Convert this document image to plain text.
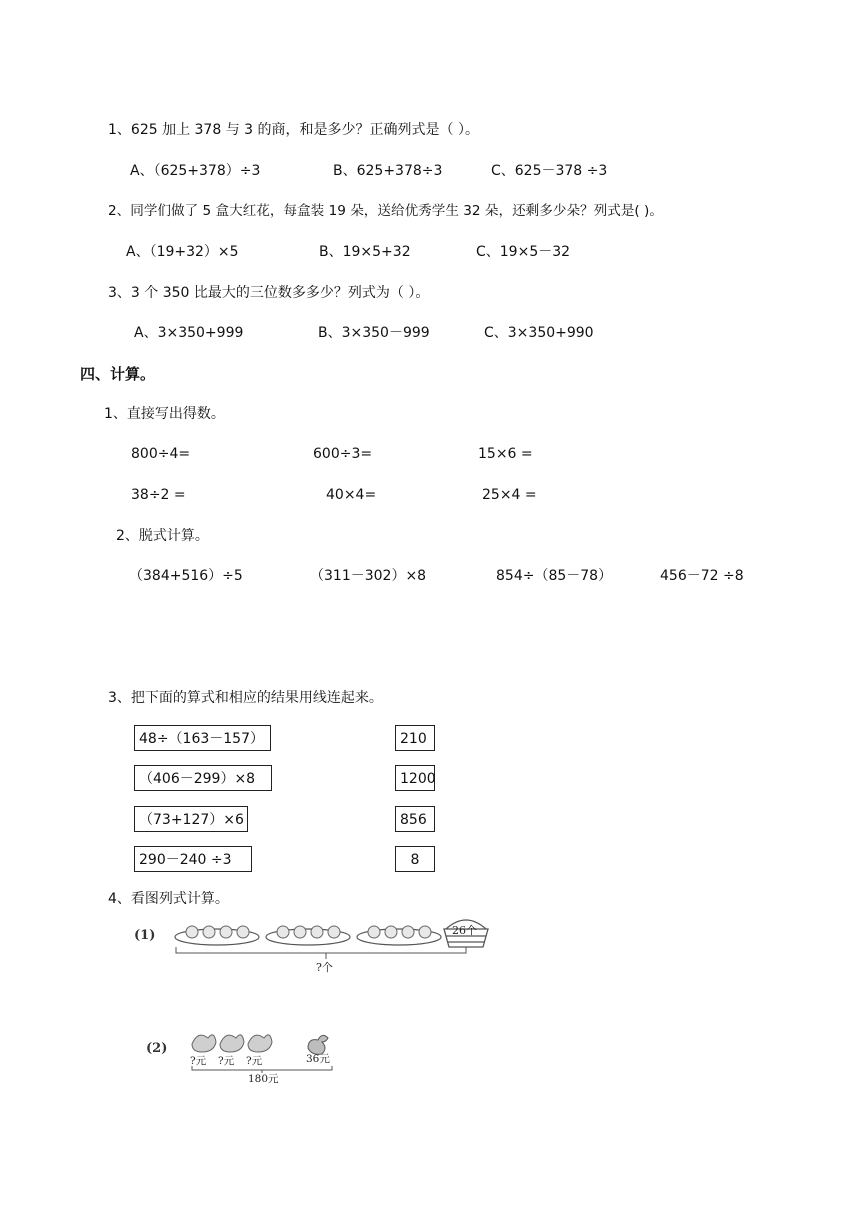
1、625 加上 378 与 3 的商，和是多少？正确列式是（ ）。
A、（625+378）÷3	B、625+378÷3	C、625－378 ÷3
2、同学们做了 5 盒大红花，每盒装 19 朵，送给优秀学生 32 朵，还剩多少朵？列式是( )。
A、（19+32）×5	B、19×5+32	C、19×5－32
3、3 个 350 比最大的三位数多多少？列式为（ ）。
A、3×350+999	B、3×350－999	C、3×350+990
四、计算。
1、直接写出得数。
800÷4=	600÷3=	15×6 =
38÷2 =	40×4=	25×4 =
2、脱式计算。
（384+516）÷5	（311－302）×8	854÷（85－78）	456－72 ÷8
3、把下面的算式和相应的结果用线连起来。
48÷（163－157）
（406－299）×8
（73+127）×6
290－240 ÷3
210
1200
856
8
4、看图列式计算。
(1)	26个
?个
(2)
?元 ?元 ?元	36元
180元
